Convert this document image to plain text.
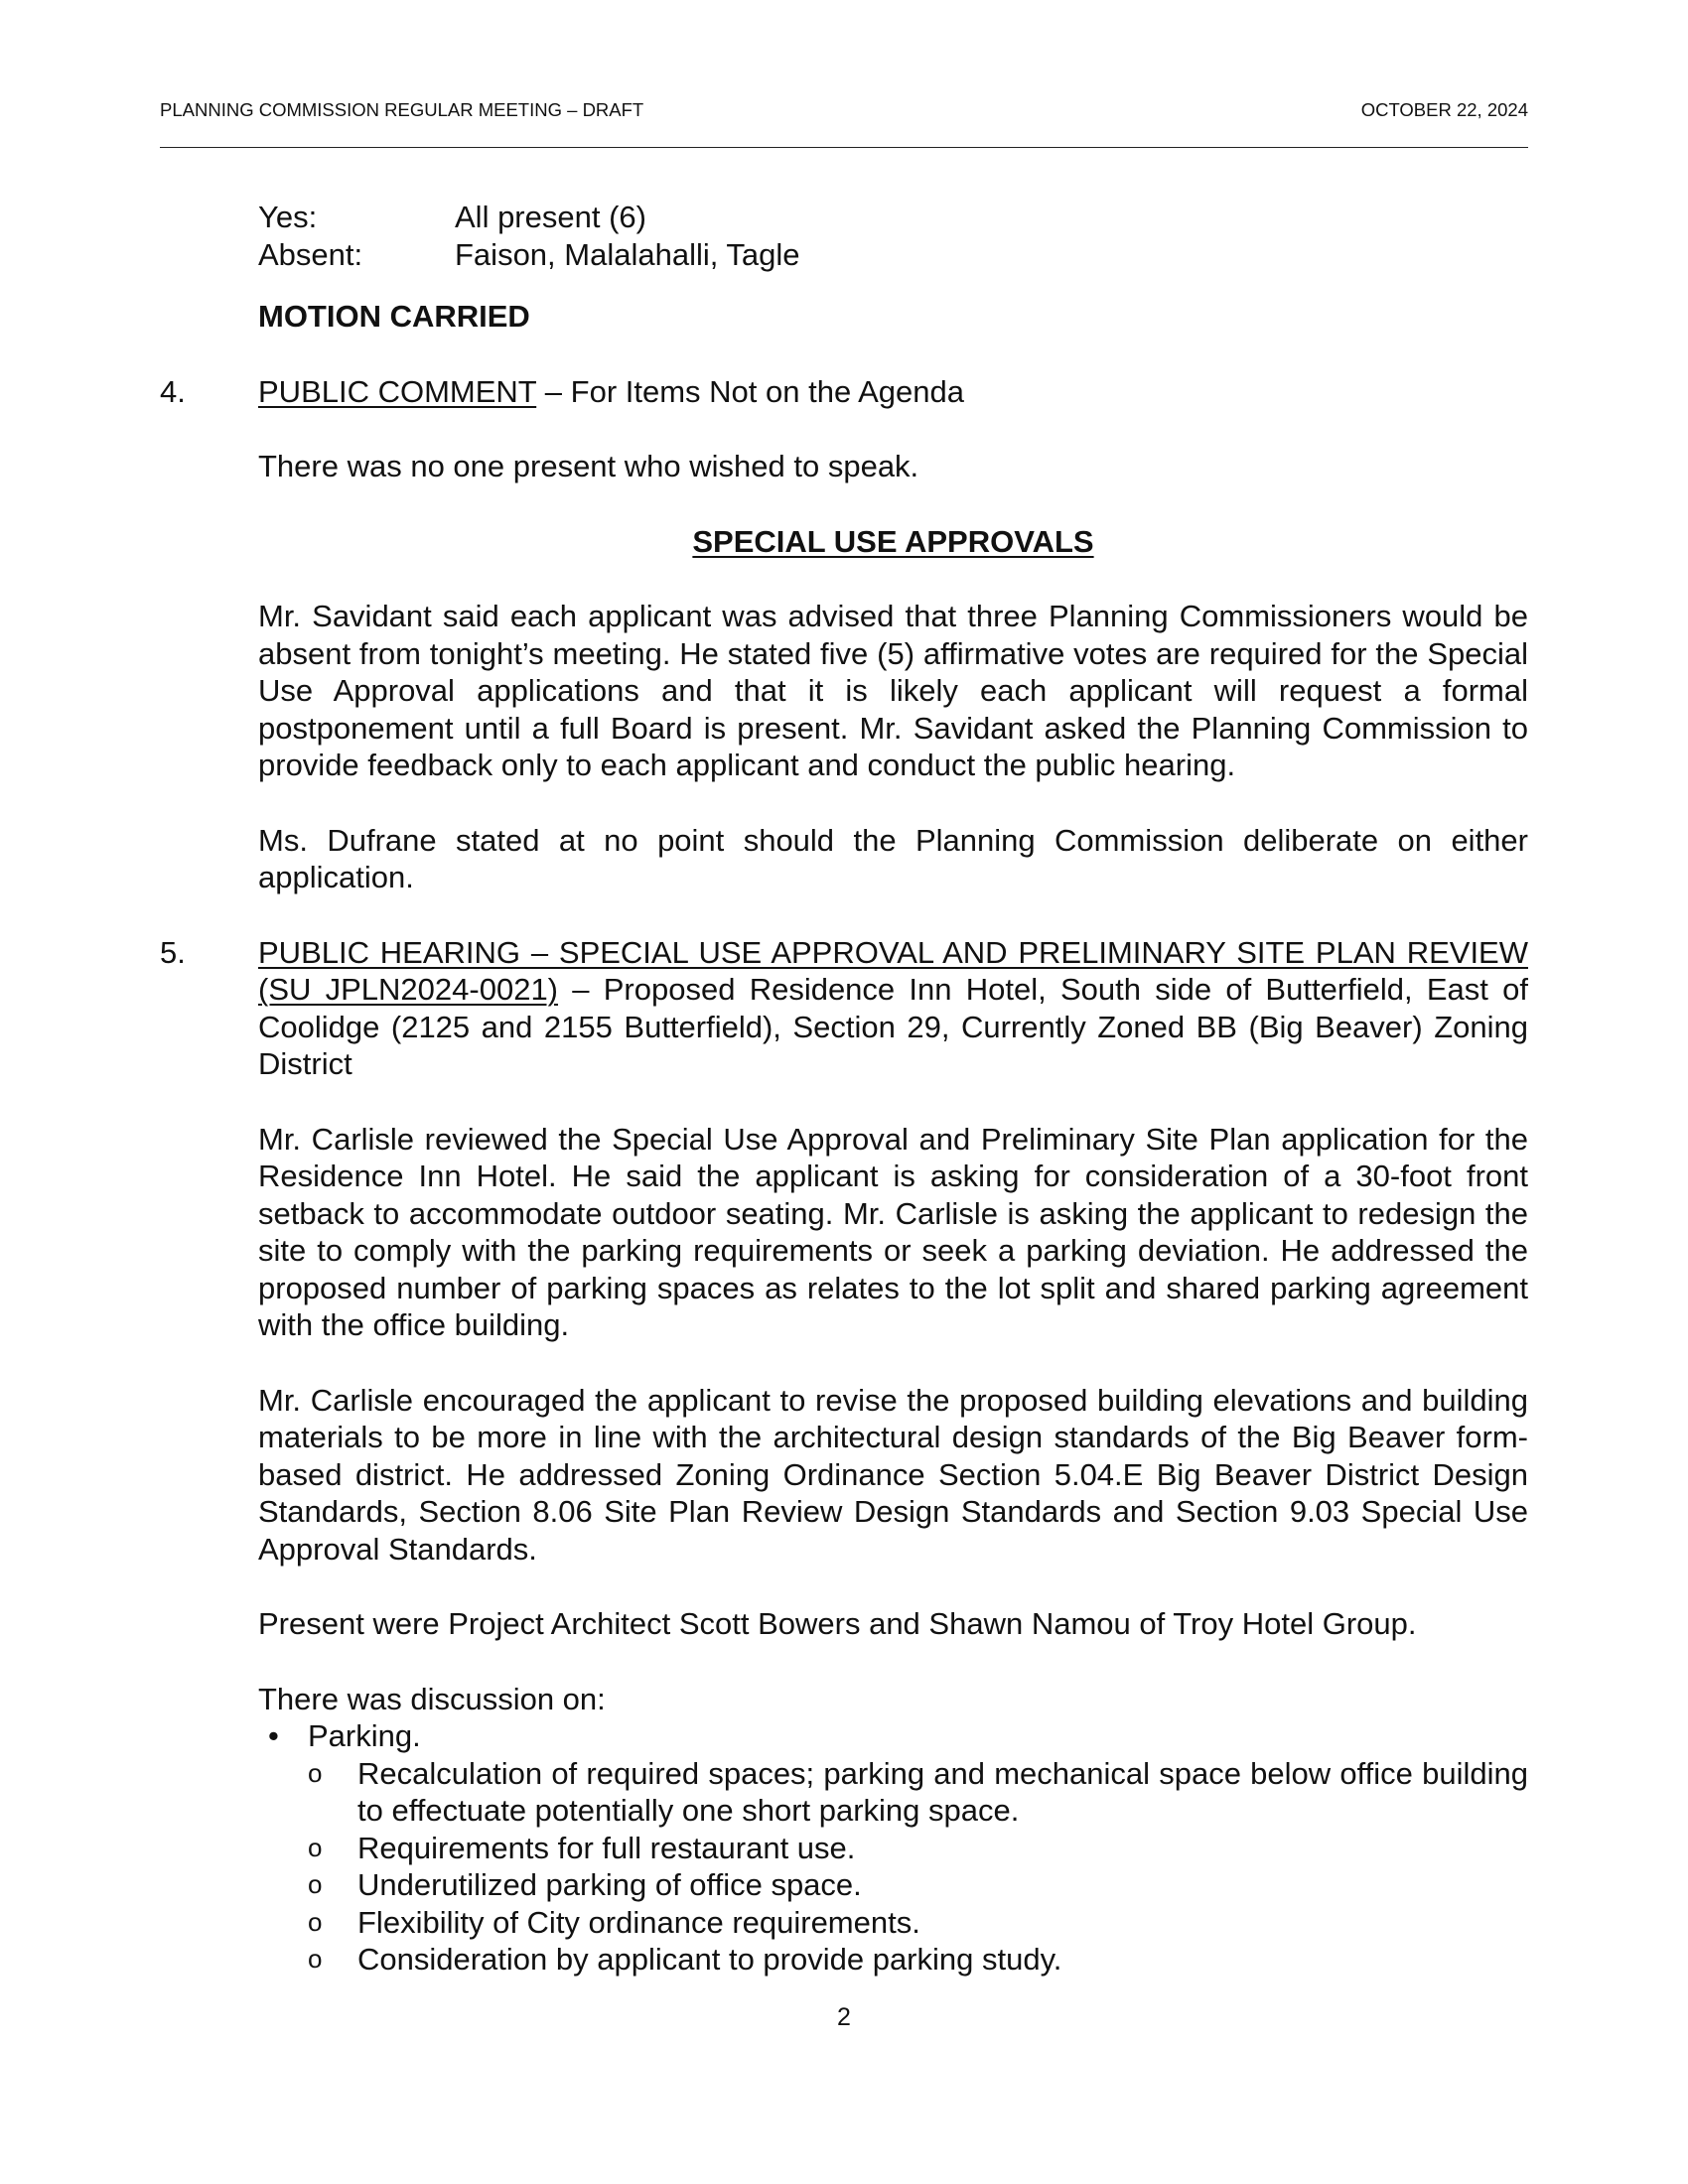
PLANNING COMMISSION REGULAR MEETING – DRAFT	OCTOBER 22, 2024
Yes:	All present (6)
Absent:	Faison, Malalahalli, Tagle
MOTION CARRIED
4.	PUBLIC COMMENT – For Items Not on the Agenda
There was no one present who wished to speak.
SPECIAL USE APPROVALS
Mr. Savidant said each applicant was advised that three Planning Commissioners would be absent from tonight’s meeting. He stated five (5) affirmative votes are required for the Special Use Approval applications and that it is likely each applicant will request a formal postponement until a full Board is present. Mr. Savidant asked the Planning Commission to provide feedback only to each applicant and conduct the public hearing.
Ms. Dufrane stated at no point should the Planning Commission deliberate on either application.
5.	PUBLIC HEARING – SPECIAL USE APPROVAL AND PRELIMINARY SITE PLAN REVIEW (SU JPLN2024-0021) – Proposed Residence Inn Hotel, South side of Butterfield, East of Coolidge (2125 and 2155 Butterfield), Section 29, Currently Zoned BB (Big Beaver) Zoning District
Mr. Carlisle reviewed the Special Use Approval and Preliminary Site Plan application for the Residence Inn Hotel. He said the applicant is asking for consideration of a 30-foot front setback to accommodate outdoor seating. Mr. Carlisle is asking the applicant to redesign the site to comply with the parking requirements or seek a parking deviation. He addressed the proposed number of parking spaces as relates to the lot split and shared parking agreement with the office building.
Mr. Carlisle encouraged the applicant to revise the proposed building elevations and building materials to be more in line with the architectural design standards of the Big Beaver form-based district. He addressed Zoning Ordinance Section 5.04.E Big Beaver District Design Standards, Section 8.06 Site Plan Review Design Standards and Section 9.03 Special Use Approval Standards.
Present were Project Architect Scott Bowers and Shawn Namou of Troy Hotel Group.
There was discussion on:
• Parking.
o	Recalculation of required spaces; parking and mechanical space below office building to effectuate potentially one short parking space.
o	Requirements for full restaurant use.
o	Underutilized parking of office space.
o	Flexibility of City ordinance requirements.
o	Consideration by applicant to provide parking study.
2
